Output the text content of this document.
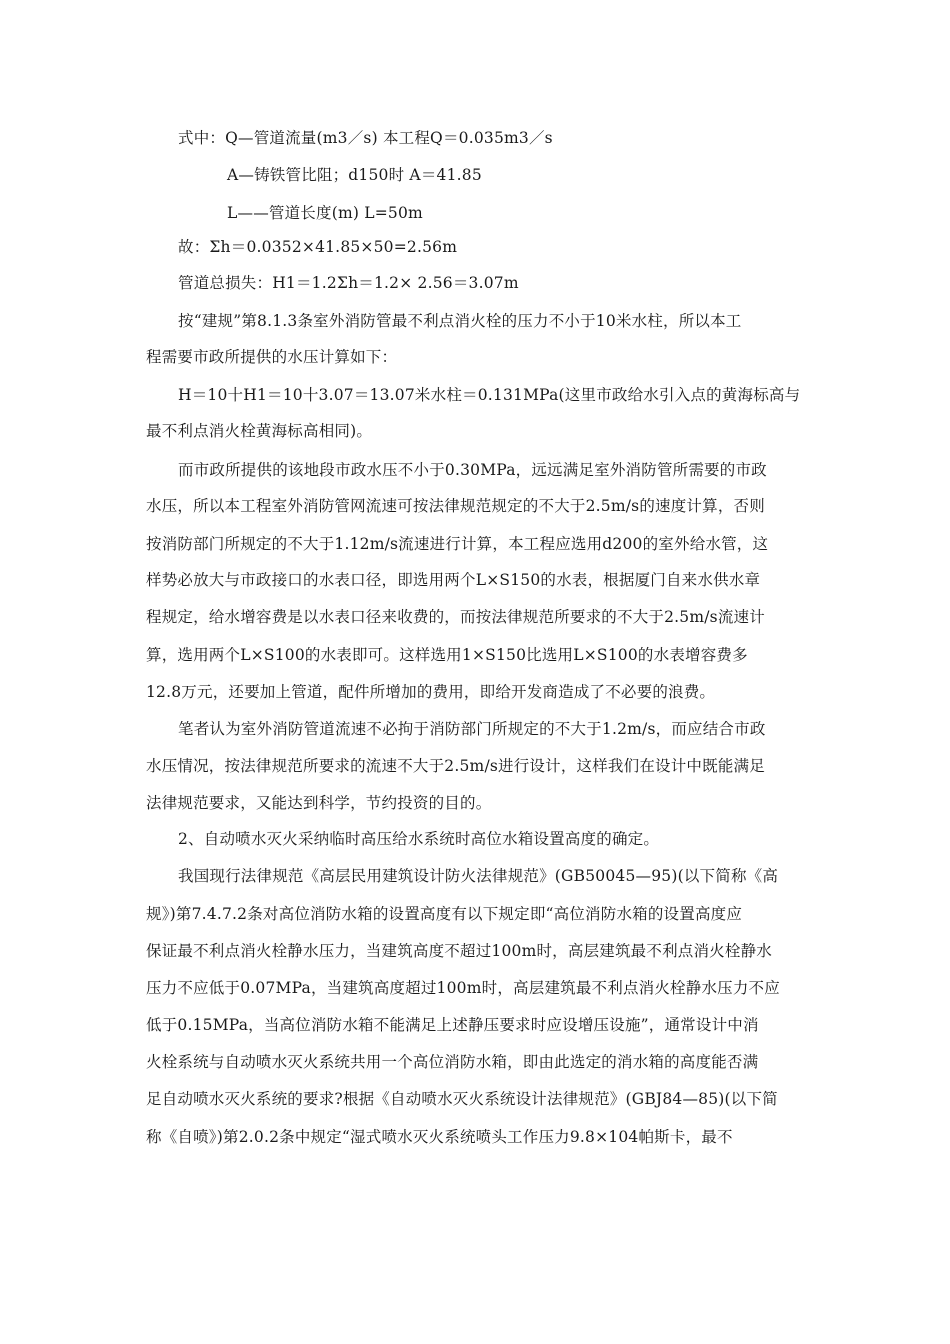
式中：Q—管道流量(m3／s) 本工程Q＝0.035m3／s
A—铸铁管比阻；d150时 A＝41.85
L——管道长度(m) L=50m
故：Σh＝0.0352×41.85×50=2.56m
管道总损失：H1＝1.2Σh＝1.2× 2.56＝3.07m
按“建规”第8.1.3条室外消防管最不利点消火栓的压力不小于10米水柱，所以本工
程需要市政所提供的水压计算如下：
H＝10十H1＝10十3.07＝13.07米水柱＝0.131MPa(这里市政给水引入点的黄海标高与
最不利点消火栓黄海标高相同)。
而市政所提供的该地段市政水压不小于0.30MPa，远远满足室外消防管所需要的市政
水压，所以本工程室外消防管网流速可按法律规范规定的不大于2.5m/s的速度计算，否则
按消防部门所规定的不大于1.12m/s流速进行计算，本工程应选用d200的室外给水管，这
样势必放大与市政接口的水表口径，即选用两个L×S150的水表，根据厦门自来水供水章
程规定，给水增容费是以水表口径来收费的，而按法律规范所要求的不大于2.5m/s流速计
算，选用两个L×S100的水表即可。这样选用1×S150比选用L×S100的水表增容费多
12.8万元，还要加上管道，配件所增加的费用，即给开发商造成了不必要的浪费。
笔者认为室外消防管道流速不必拘于消防部门所规定的不大于1.2m/s，而应结合市政
水压情况，按法律规范所要求的流速不大于2.5m/s进行设计，这样我们在设计中既能满足
法律规范要求，又能达到科学，节约投资的目的。
2、自动喷水灭火采纳临时高压给水系统时高位水箱设置高度的确定。
我国现行法律规范《高层民用建筑设计防火法律规范》(GB50045—95)(以下简称《高
规》)第7.4.7.2条对高位消防水箱的设置高度有以下规定即“高位消防水箱的设置高度应
保证最不利点消火栓静水压力，当建筑高度不超过100m时，高层建筑最不利点消火栓静水
压力不应低于0.07MPa，当建筑高度超过100m时，高层建筑最不利点消火栓静水压力不应
低于0.15MPa，当高位消防水箱不能满足上述静压要求时应设增压设施”，通常设计中消
火栓系统与自动喷水灭火系统共用一个高位消防水箱，即由此选定的消水箱的高度能否满
足自动喷水灭火系统的要求?根据《自动喷水灭火系统设计法律规范》(GBJ84—85)(以下简
称《自喷》)第2.0.2条中规定“湿式喷水灭火系统喷头工作压力9.8×104帕斯卡，最不
